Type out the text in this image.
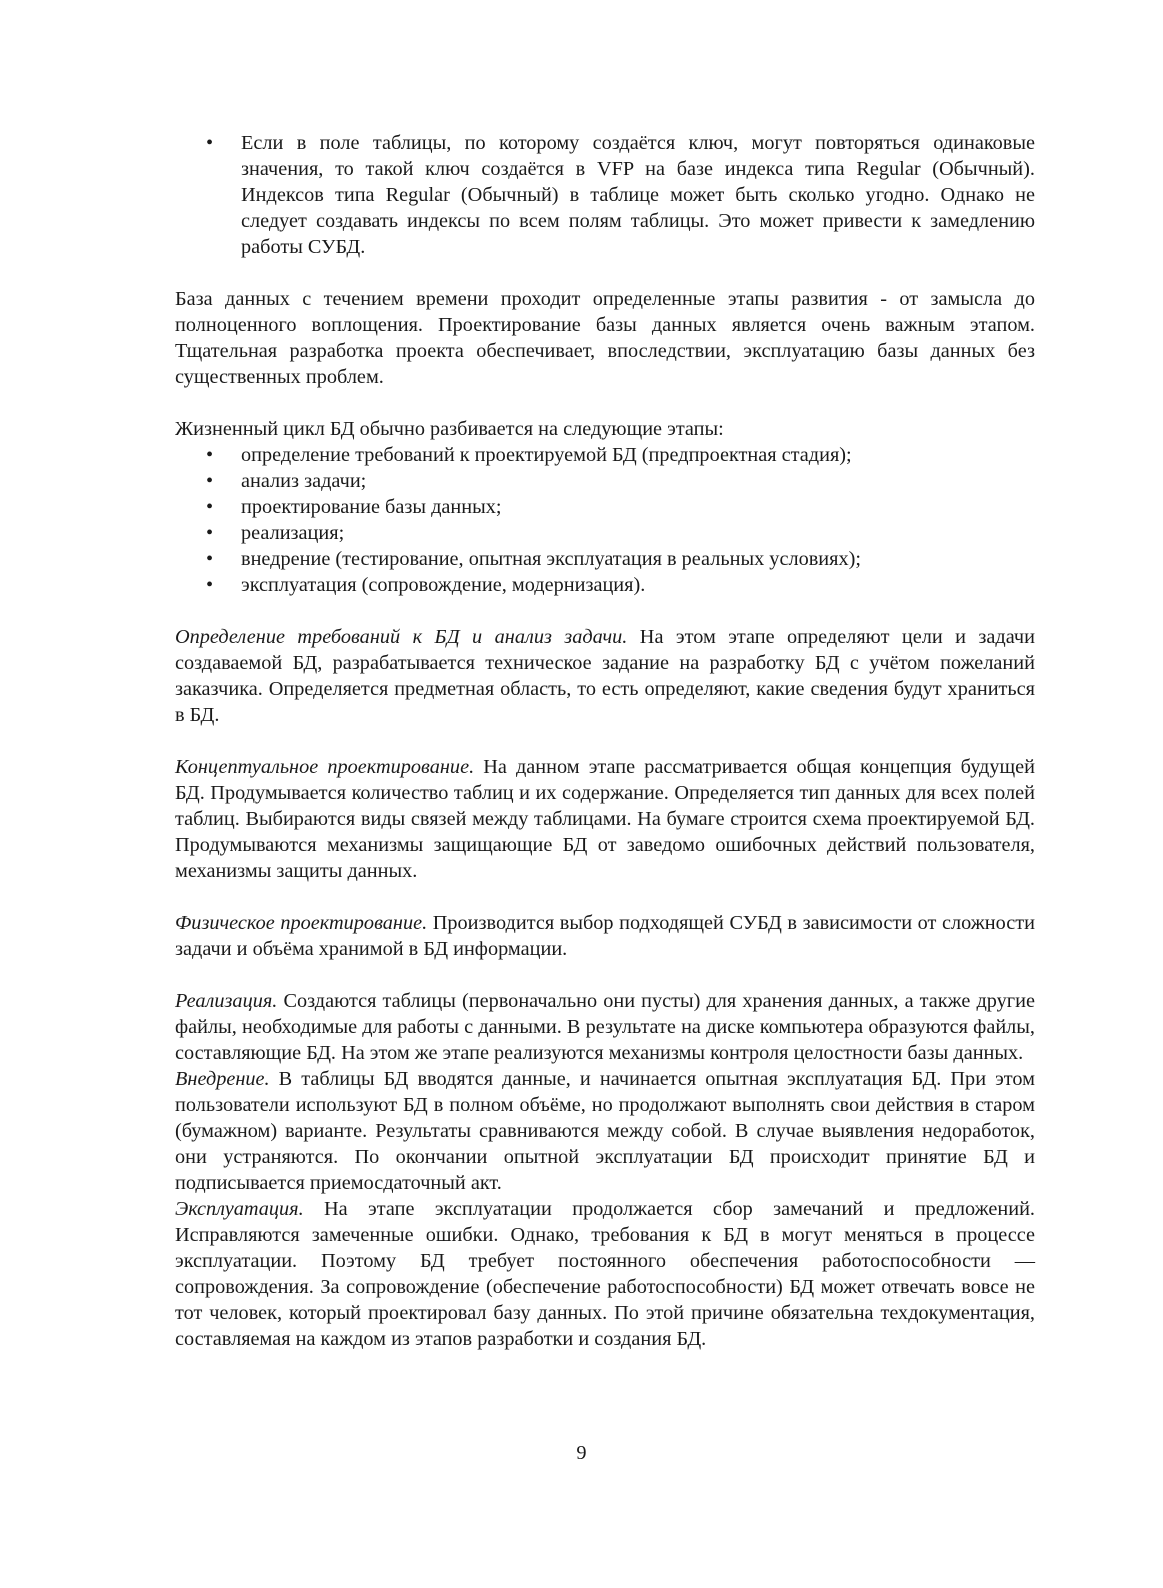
• Если в поле таблицы, по которому создаётся ключ, могут повторяться одинаковые значения, то такой ключ создаётся в VFP на базе индекса типа Regular (Обычный). Индексов типа Regular (Обычный) в таблице может быть сколько угодно. Однако не следует создавать индексы по всем полям таблицы. Это может привести к замедлению работы СУБД.

База данных с течением времени проходит определенные этапы развития - от замысла до полноценного воплощения. Проектирование базы данных является очень важным этапом. Тщательная разработка проекта обеспечивает, впоследствии, эксплуатацию базы данных без существенных проблем.

Жизненный цикл БД обычно разбивается на следующие этапы:

• определение требований к проектируемой БД (предпроектная стадия);
• анализ задачи;
• проектирование базы данных;
• реализация;
• внедрение (тестирование, опытная эксплуатация в реальных условиях);
• эксплуатация (сопровождение, модернизация).

Определение требований к БД и анализ задачи. На этом этапе определяют цели и задачи создаваемой БД, разрабатывается техническое задание на разработку БД с учётом пожеланий заказчика. Определяется предметная область, то есть определяют, какие сведения будут храниться в БД.

Концептуальное проектирование. На данном этапе рассматривается общая концепция будущей БД. Продумывается количество таблиц и их содержание. Определяется тип данных для всех полей таблиц. Выбираются виды связей между таблицами. На бумаге строится схема проектируемой БД. Продумываются механизмы защищающие БД от заведомо ошибочных действий пользователя, механизмы защиты данных.

Физическое проектирование. Производится выбор подходящей СУБД в зависимости от сложности задачи и объёма хранимой в БД информации.

Реализация. Создаются таблицы (первоначально они пусты) для хранения данных, а также другие файлы, необходимые для работы с данными. В результате на диске компьютера образуются файлы, составляющие БД. На этом же этапе реализуются механизмы контроля целостности базы данных.

Внедрение. В таблицы БД вводятся данные, и начинается опытная эксплуатация БД. При этом пользователи используют БД в полном объёме, но продолжают выполнять свои действия в старом (бумажном) варианте. Результаты сравниваются между собой. В случае выявления недоработок, они устраняются. По окончании опытной эксплуатации БД происходит принятие БД и подписывается приемосдаточный акт.

Эксплуатация. На этапе эксплуатации продолжается сбор замечаний и предложений. Исправляются замеченные ошибки. Однако, требования к БД в могут меняться в процессе эксплуатации. Поэтому БД требует постоянного обеспечения работоспособности — сопровождения. За сопровождение (обеспечение работоспособности) БД может отвечать вовсе не тот человек, который проектировал базу данных. По этой причине обязательна техдокументация, составляемая на каждом из этапов разработки и создания БД.

9
